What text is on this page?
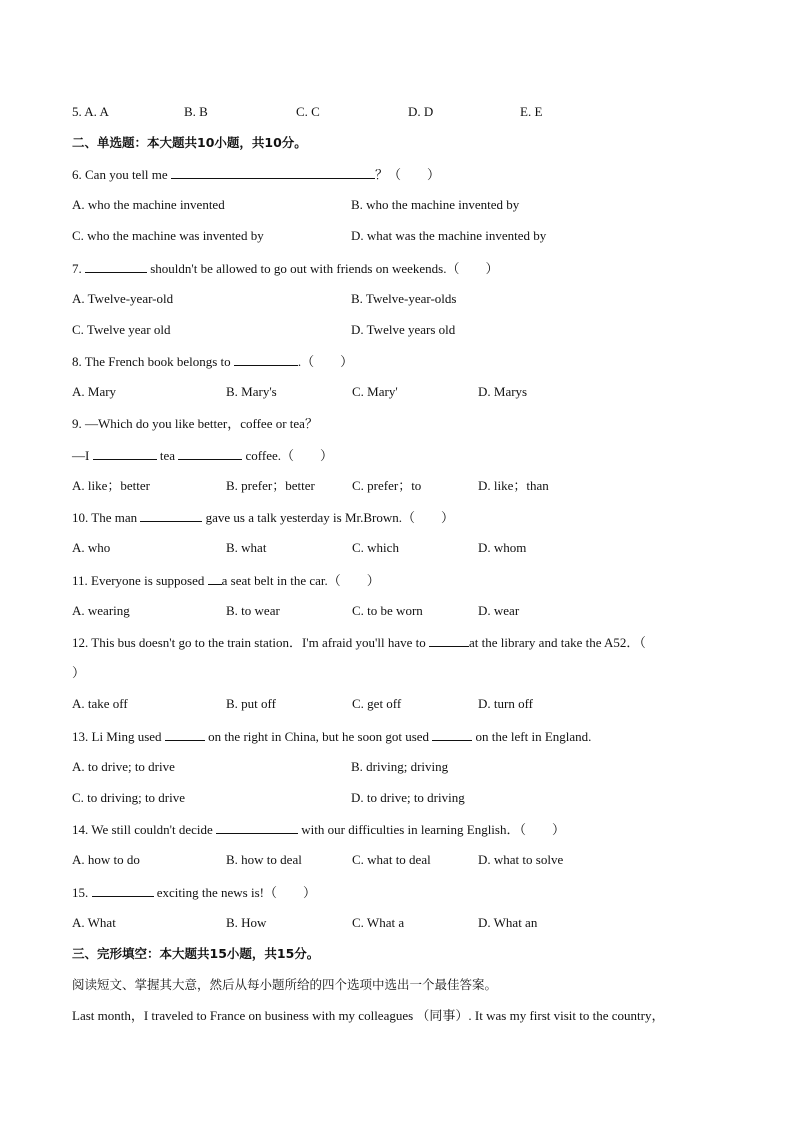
5. A. A	B. B	C. C	D. D	E. E
二、单选题：本大题共10小题，共10分。
6. Can you tell me	？（　　）
A. who the machine invented	B. who the machine invented by
C. who the machine was invented by	D. what was the machine invented by
7.	shouldn't be allowed to go out with friends on weekends.（　　）
A. Twelve-year-old	B. Twelve-year-olds
C. Twelve year old	D. Twelve years old
8. The French book belongs to	.（　　）
A. Mary	B. Mary's	C. Mary'	D. Marys
9. —Which do you like better，coffee or tea？
—I	tea	coffee.（　　）
A. like；better	B. prefer；better	C. prefer；to	D. like；than
10. The man	gave us a talk yesterday is Mr.Brown.（　　）
A. who	B. what	C. which	D. whom
11. Everyone is supposed a seat belt in the car.（　　）
A. wearing	B. to wear	C. to be worn	D. wear
12. This bus doesn't go to the train station．I'm afraid you'll have to	at the library and take the A52．（
）
A. take off	B. put off	C. get off	D. turn off
13. Li Ming used	on the right in China, but he soon got used	on the left in England.
A. to drive; to drive	B. driving; driving
C. to driving; to drive	D. to drive; to driving
14. We still couldn't decide	with our difficulties in learning English．（　　）
A. how to do	B. how to deal	C. what to deal	D. what to solve
15.	exciting the news is!（　　）
A. What	B. How	C. What a	D. What an
三、完形填空：本大题共15小题，共15分。
阅读短文、掌握其大意，然后从每小题所给的四个选项中选出一个最佳答案。
Last month，I traveled to France on business with my colleagues （同事）. It was my first visit to the country，
